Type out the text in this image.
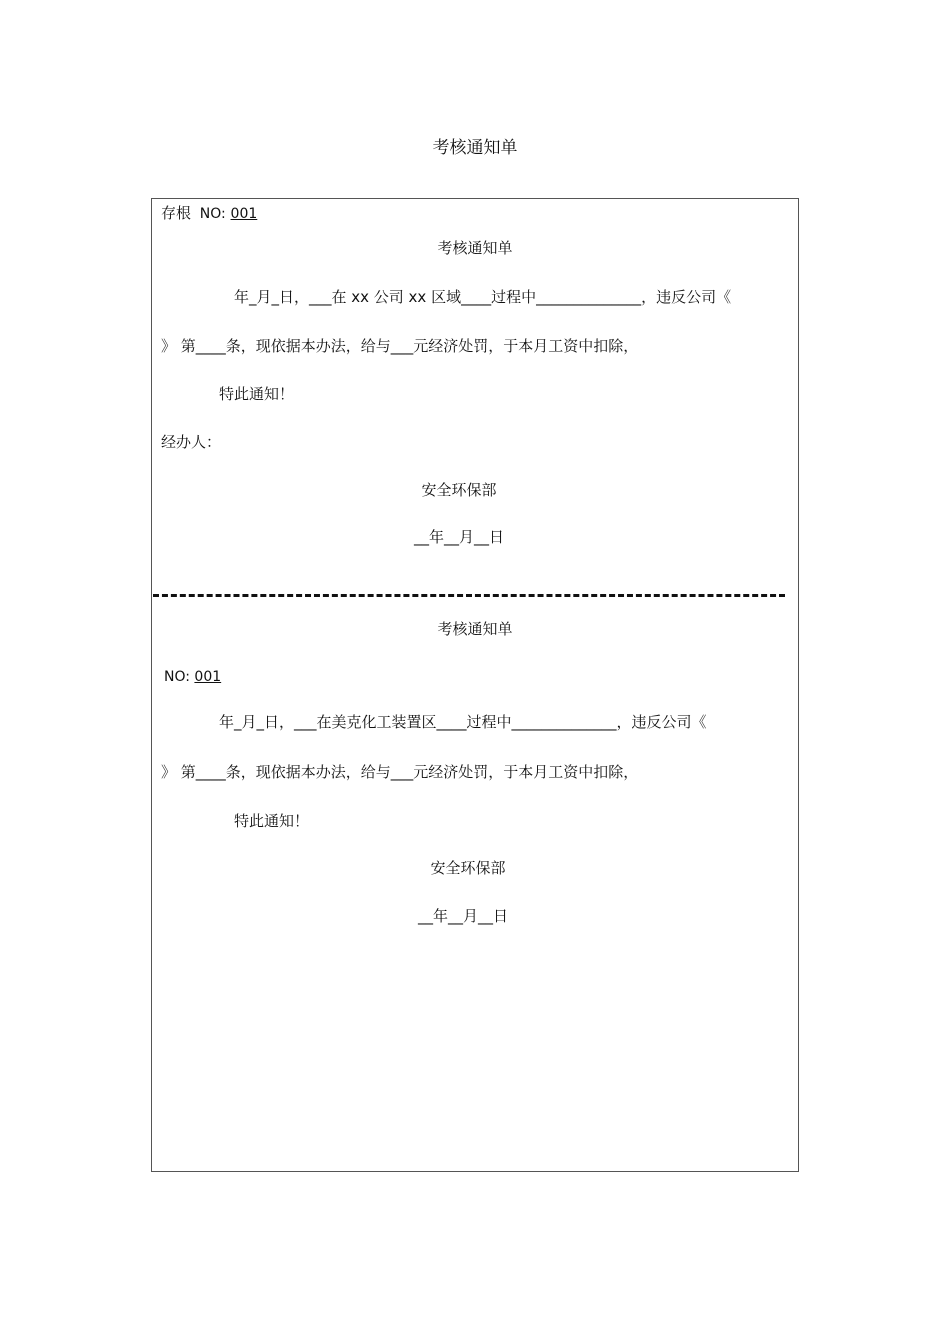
考核通知单
存根 NO: 001
考核通知单
年_月_日，___在 xx 公司 xx 区域____过程中______________，违反公司《
》 第____条，现依据本办法，给与___元经济处罚，于本月工资中扣除，
特此通知！
经办人：
安全环保部
__年__月__日
考核通知单
NO: 001
年_月_日，___在美克化工装置区____过程中______________，违反公司《
》 第____条，现依据本办法，给与___元经济处罚，于本月工资中扣除，
特此通知！
安全环保部
__年__月__日
